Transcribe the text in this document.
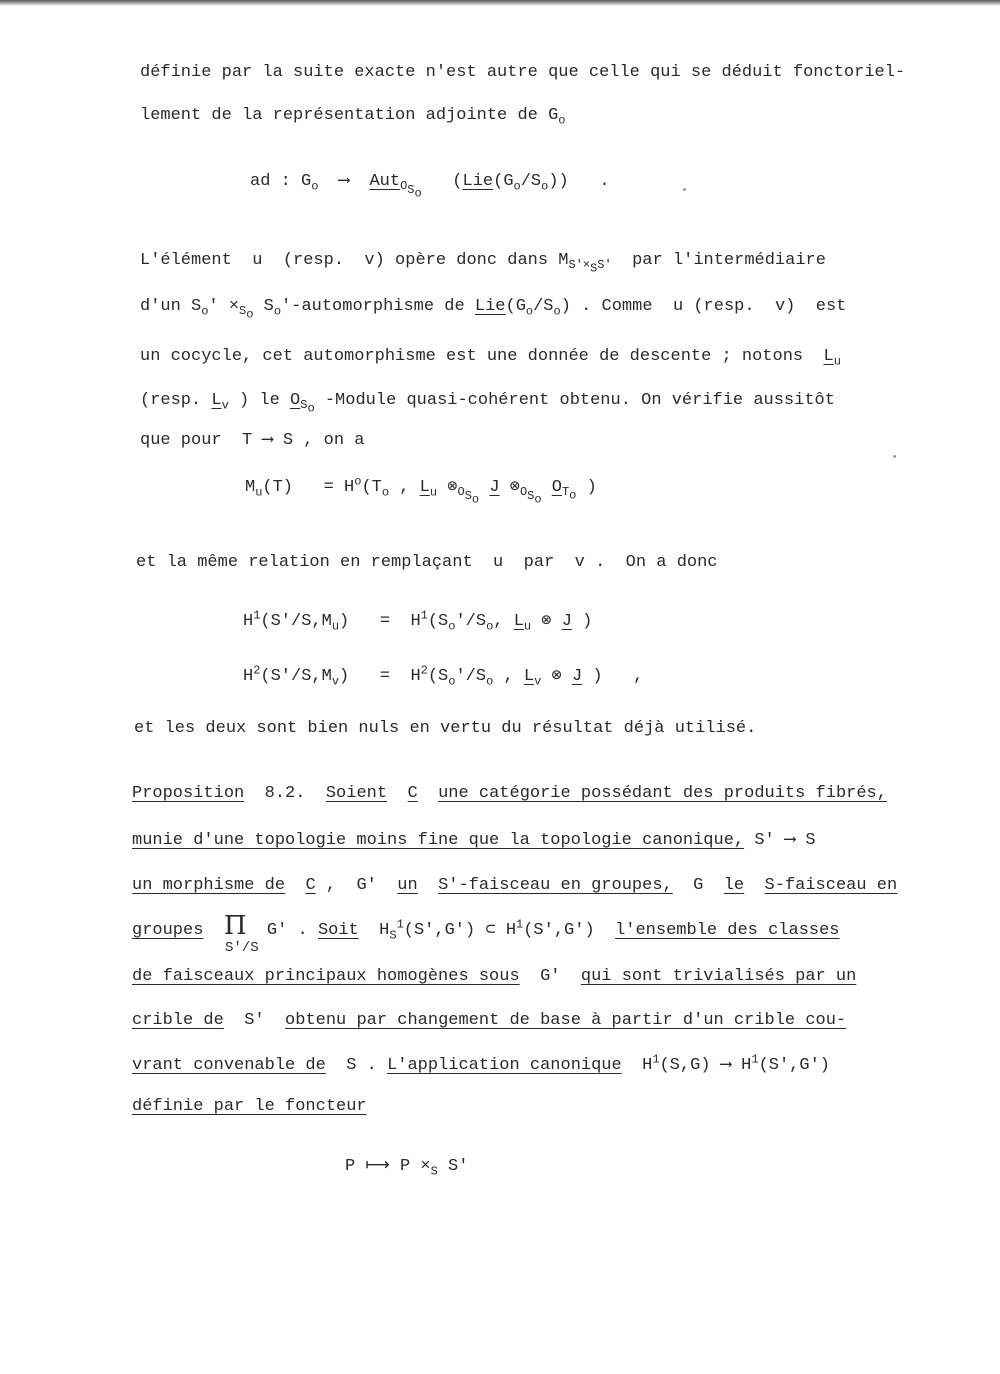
définie par la suite exacte n'est autre que celle qui se déduit fonctoriel-
lement de la représentation adjointe de $G_o$
ad : $G_o$ ⟶ Aut$_{O_{S_o}}$   $(Lie(G_o/S_o))$   .
L'élément  u  (resp.  v) opère donc dans $M_{S'\times_SS'}$ par l'intermédiaire
d'un $S_o' \times_{S_o}$ $S_o'$-automorphisme de $Lie(G_o/S_o)$ . Comme  u (resp.  v)  est
un cocycle, cet automorphisme est une donnée de descente ; notons $L_u$
(resp. $L_v$ ) le $O_{S_o}$ -Module quasi-cohérent obtenu. On vérifie aussitôt
que pour  T ⟶ S , on a
$M_u(T) = H^o(T_o$ , $L_u$ $\otimes_{O_{S_o}}$ J $\otimes_{O_{S_o}}$ $O_{T_o}$ )
et la même relation en remplaçant  u  par  v .  On a donc
$H^1(S'/S,M_u) = H^1(S_o'/S_o$, $L_u$ ⊗ J )
$H^2(S'/S,M_v) = H^2(S_o'/S_o$ , $L_v$ ⊗ J )   ,
et les deux sont bien nuls en vertu du résultat déjà utilisé.
Proposition 8.2. Soient C une catégorie possédant des produits fibrés,
munie d'une topologie moins fine que la topologie canonique, S' ⟶ S
un morphisme de C ,  G' un S'-faisceau en groupes, G le S-faisceau en
groupes Π G' . Soit  $H_S^1(S',G')$ ⊂ $H^1(S',G')$  l'ensemble des classes
S'/S
de faisceaux principaux homogènes sous G' qui sont trivialisés par un
crible de S' obtenu par changement de base à partir d'un crible cou-
vrant convenable de S . L'application canonique  $H^1(S,G)$ ⟶ $H^1(S',G')$
définie par le foncteur
P ⟼ $P \times_S$ S'
